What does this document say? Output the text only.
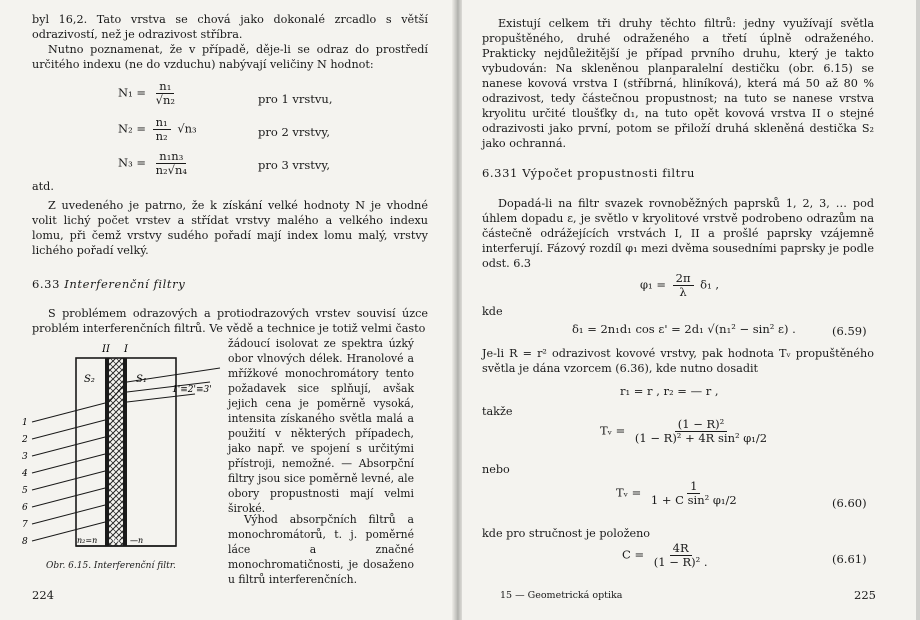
byl 16,2. Tato vrstva se chová jako dokonalé zrcadlo s větší odrazivostí, než je odrazivost stříbra.
Nutno poznamenat, že v případě, děje-li se odraz do prostředí určitého indexu (ne do vzduchu) nabývají veličiny N hodnot:
$N_1 = \frac{\text{n₁}}{\text{√n₂}}$	pro 1 vrstvu,
$N_2 = \frac{\text{n₁}}{\text{n₂}} √n_3$	pro 2 vrstvy,
$N_3 = \frac{\text{n₁n₃}}{\text{n₂√n₄}}$	pro 3 vrstvy,
atd.
Z uvedeného je patrno, že k získání velké hodnoty N je vhodné volit lichý počet vrstev a střídat vrstvy malého a velkého indexu lomu, při čemž vrstvy sudého pořadí mají index lomu malý, vrstvy lichého pořadí velký.
6.33 Interferenční filtry
S problémem odrazových a protiodrazových vrstev souvisí úzce problém interferenčních filtrů. Ve vědě a technice je totiž velmi často
žádoucí isolovat ze spektra úzký obor vlnových délek. Hranolové a mřížkové monochromátory tento požadavek sice splňují, avšak jejich cena je poměrně vysoká, intensita získaného světla malá a použití v některých případech, jako např. ve spojení s určitými přístroji, nemožné. — Absorpční filtry jsou sice poměrně levné, ale obory propustnosti mají velmi široké.
Výhod absorpčních filtrů a monochromátorů, t. j. poměrné láce a značné monochromatičnosti, je dosaženo u filtrů interferenčních.
II I
S₂	S₁
1'≡2'≡3'
1
2
3
4
5
6
7
8	n₂=n n₁ —n
Obr. 6.15. Interferenční filtr.
224
Existují celkem tři druhy těchto filtrů: jedny využívají světla propuštěného, druhé odraženého a třetí úplně odraženého. Prakticky nejdůležitější je případ prvního druhu, který je takto vybudován: Na skleněnou planparalelní destičku (obr. 6.15) se nanese kovová vrstva I (stříbrná, hliníková), která má 50 až 80 % odrazivost, tedy částečnou propustnost; na tuto se nanese vrstva kryolitu určité tloušťky d₁, na tuto opět kovová vrstva II o stejné odrazivosti jako první, potom se přiloží druhá skleněná destička S₂ jako ochranná.
6.331 Výpočet propustnosti filtru
Dopadá-li na filtr svazek rovnoběžných paprsků 1, 2, 3, … pod úhlem dopadu ε, je světlo v kryolitové vrstvě podrobeno odrazům na částečně odrážejících vrstvách I, II a prošlé paprsky vzájemně interferují. Fázový rozdíl φ₁ mezi dvěma sousedními paprsky je podle odst. 6.3
$\varphi_1 = \frac{2\pi}{\lambda} \delta_1$ ,
kde
δ₁ = 2n₁d₁ cos ε' = 2d₁ √(n₁² − sin² ε) .	(6.59)
Je-li R = r² odrazivost kovové vrstvy, pak hodnota Tᵥ propuštěného světla je dána vzorcem (6.36), kde nutno dosadit
r₁ = r , r₂ = — r ,
takže
Tᵥ = $\frac{\text{(1 − R)²}}{\text{(1 − R)² + 4R sin² φ₁/2}}$
nebo
Tᵥ = $\frac{1}{\text{1 + C sin² φ₁/2}}$	(6.60)
kde pro stručnost je položeno
$C = \frac{4R}{\text{(1 − R)² .}}$	(6.61)
15 — Geometrická optika	225
